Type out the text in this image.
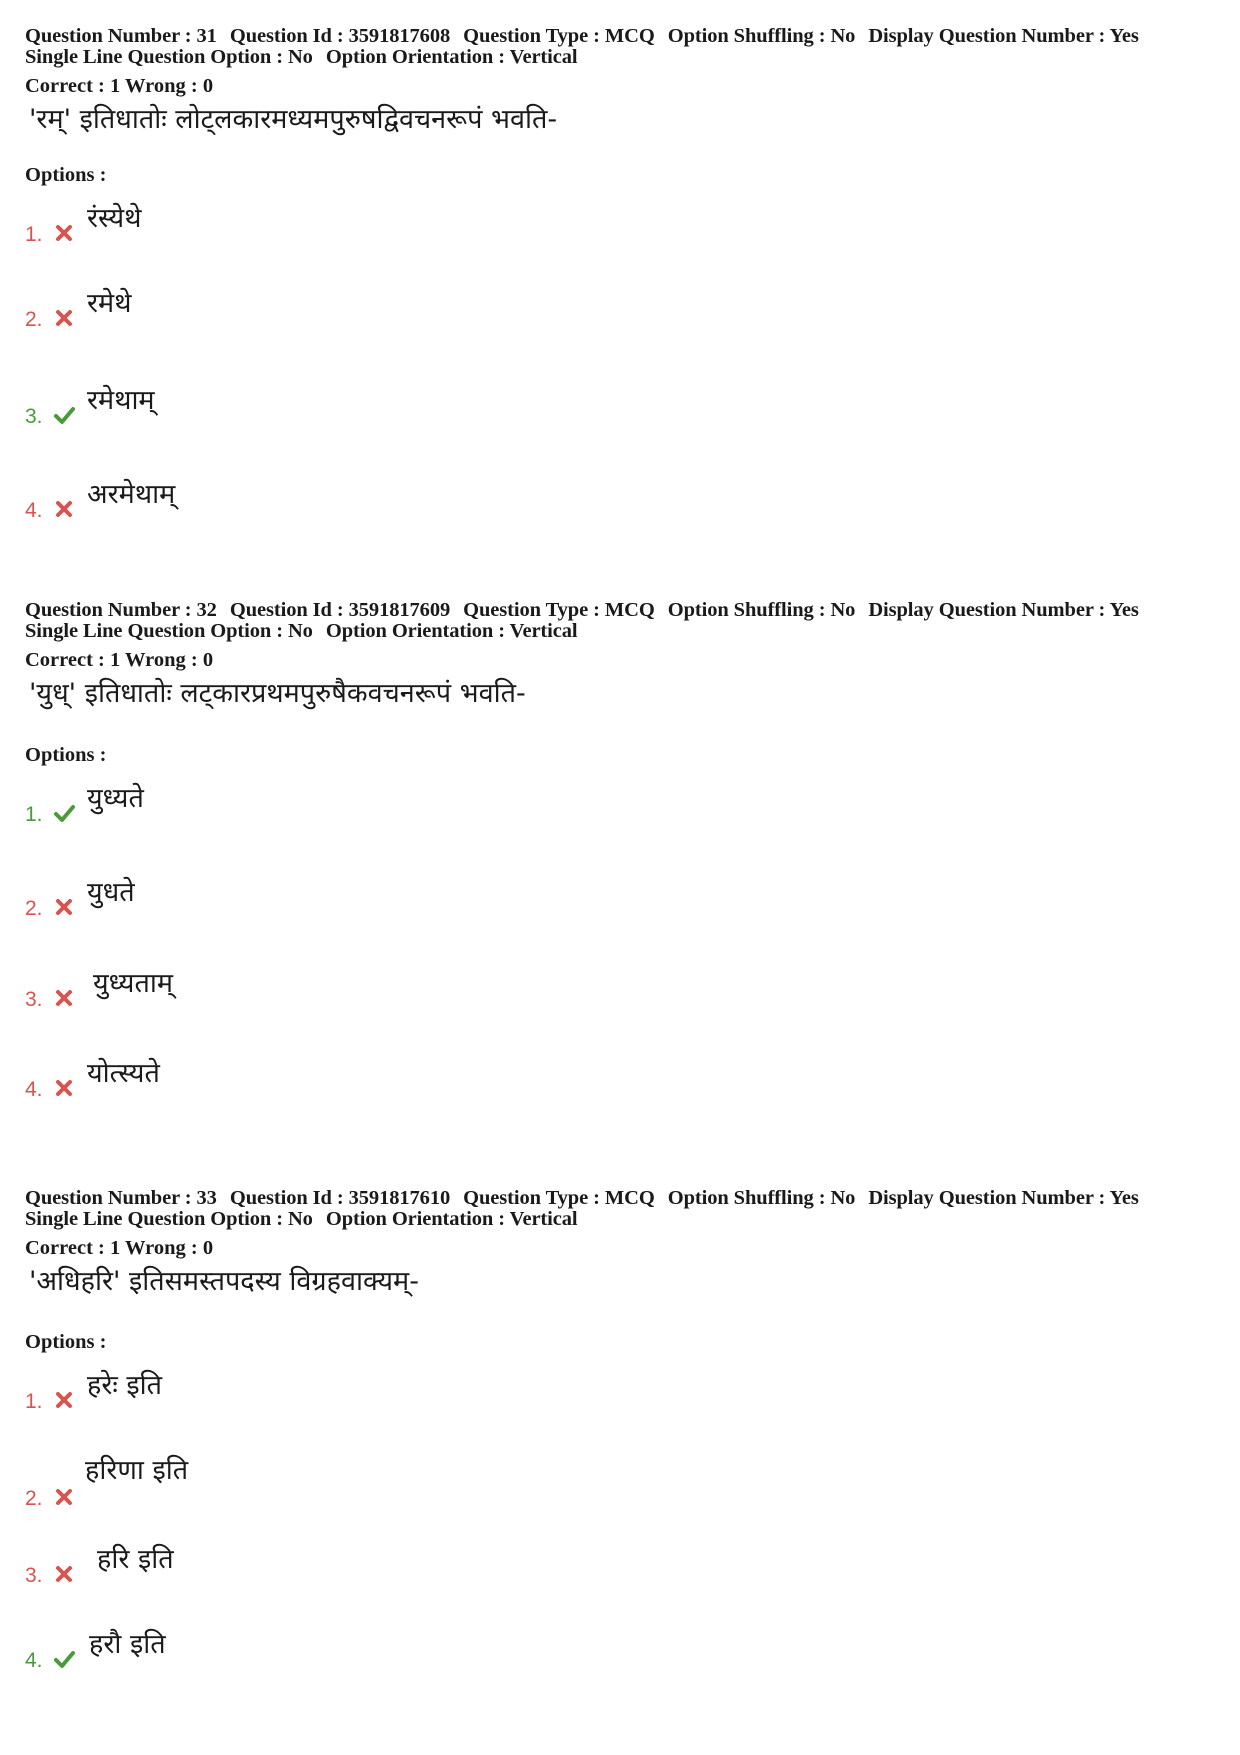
Question Number : 31 Question Id : 3591817608 Question Type : MCQ Option Shuffling : No Display Question Number : Yes
Single Line Question Option : No Option Orientation : Vertical
Correct : 1 Wrong : 0
'रम्' इतिधातोः लोट्लकारमध्यमपुरुषद्विवचनरूपं भवति-
Options :
1.
रंस्येथे
2.
रमेथे
3.
रमेथाम्
4.
अरमेथाम्
Question Number : 32 Question Id : 3591817609 Question Type : MCQ Option Shuffling : No Display Question Number : Yes
Single Line Question Option : No Option Orientation : Vertical
Correct : 1 Wrong : 0
'युध्' इतिधातोः लट्कारप्रथमपुरुषैकवचनरूपं भवति-
Options :
1.
युध्यते
2.
युधते
3.
युध्यताम्
4.
योत्स्यते
Question Number : 33 Question Id : 3591817610 Question Type : MCQ Option Shuffling : No Display Question Number : Yes
Single Line Question Option : No Option Orientation : Vertical
Correct : 1 Wrong : 0
'अधिहरि' इतिसमस्तपदस्य विग्रहवाक्यम्-
Options :
1.
हरेः इति
2.
हरिणा इति
3.
हरि इति
4.
हरौ इति
